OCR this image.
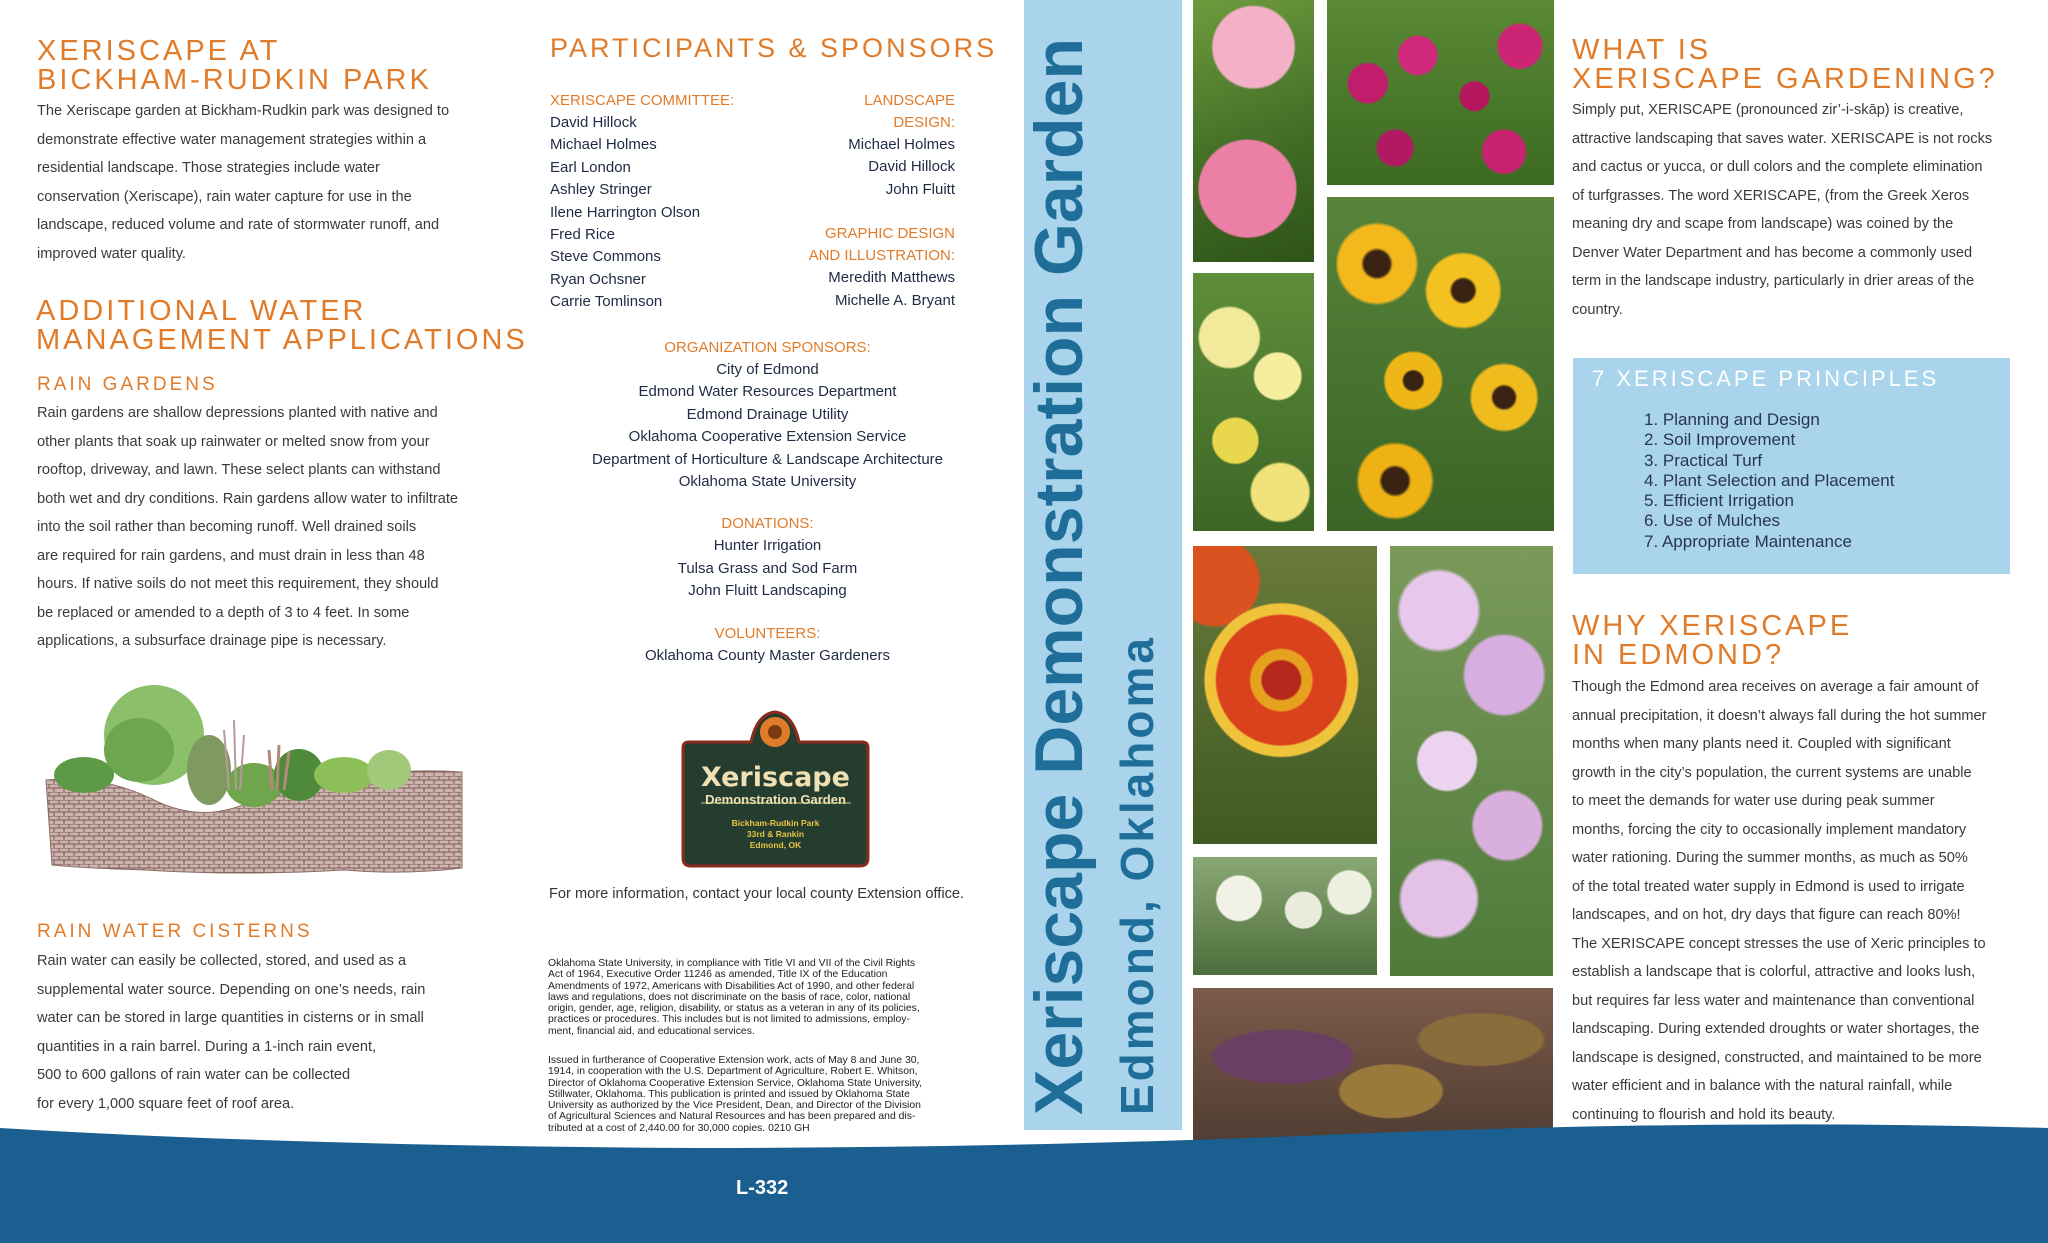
XERISCAPE AT
BICKHAM-RUDKIN PARK
The Xeriscape garden at Bickham-Rudkin park was designed to
demonstrate effective water management strategies within a
residential landscape. Those strategies include water
conservation (Xeriscape), rain water capture for use in the
landscape, reduced volume and rate of stormwater runoff, and
improved water quality.
ADDITIONAL WATER
MANAGEMENT APPLICATIONS
RAIN GARDENS
Rain gardens are shallow depressions planted with native and
other plants that soak up rainwater or melted snow from your
rooftop, driveway, and lawn. These select plants can withstand
both wet and dry conditions. Rain gardens allow water to infiltrate
into the soil rather than becoming runoff. Well drained soils
are required for rain gardens, and must drain in less than 48
hours. If native soils do not meet this requirement, they should
be replaced or amended to a depth of 3 to 4 feet. In some
applications, a subsurface drainage pipe is necessary.
RAIN WATER CISTERNS
Rain water can easily be collected, stored, and used as a
supplemental water source. Depending on one’s needs, rain
water can be stored in large quantities in cisterns or in small
quantities in a rain barrel. During a 1-inch rain event,
500 to 600 gallons of rain water can be collected
for every 1,000 square feet of roof area.
PARTICIPANTS & SPONSORS
XERISCAPE COMMITTEE:
David Hillock
Michael Holmes
Earl London
Ashley Stringer
Ilene Harrington Olson
Fred Rice
Steve Commons
Ryan Ochsner
Carrie Tomlinson
LANDSCAPE
DESIGN:
Michael Holmes
David Hillock
John Fluitt
GRAPHIC DESIGN
AND ILLUSTRATION:
Meredith Matthews
Michelle A. Bryant
ORGANIZATION SPONSORS:
City of Edmond
Edmond Water Resources Department
Edmond Drainage Utility
Oklahoma Cooperative Extension Service
Department of Horticulture & Landscape Architecture
Oklahoma State University
DONATIONS:
Hunter Irrigation
Tulsa Grass and Sod Farm
John Fluitt Landscaping
VOLUNTEERS:
Oklahoma County Master Gardeners
Xeriscape
Demonstration Garden
Bickham-Rudkin Park
33rd & Rankin
Edmond, OK
For more information, contact your local county Extension office.
Oklahoma State University, in compliance with Title VI and VII of the Civil Rights
Act of 1964, Executive Order 11246 as amended, Title IX of the Education
Amendments of 1972, Americans with Disabilities Act of 1990, and other federal
laws and regulations, does not discriminate on the basis of race, color, national
origin, gender, age, religion, disability, or status as a veteran in any of its policies,
practices or procedures. This includes but is not limited to admissions, employ-
ment, financial aid, and educational services.
Issued in furtherance of Cooperative Extension work, acts of May 8 and June 30,
1914, in cooperation with the U.S. Department of Agriculture, Robert E. Whitson,
Director of Oklahoma Cooperative Extension Service, Oklahoma State University,
Stillwater, Oklahoma. This publication is printed and issued by Oklahoma State
University as authorized by the Vice President, Dean, and Director of the Division
of Agricultural Sciences and Natural Resources and has been prepared and dis-
tributed at a cost of 2,440.00 for 30,000 copies. 0210 GH
Xeriscape Demonstration Garden Edmond, Oklahoma
WHAT IS
XERISCAPE GARDENING?
Simply put, XERISCAPE (pronounced zir’-i-skāp) is creative,
attractive landscaping that saves water. XERISCAPE is not rocks
and cactus or yucca, or dull colors and the complete elimination
of turfgrasses. The word XERISCAPE, (from the Greek Xeros
meaning dry and scape from landscape) was coined by the
Denver Water Department and has become a commonly used
term in the landscape industry, particularly in drier areas of the
country.
7 XERISCAPE PRINCIPLES
1. Planning and Design
2. Soil Improvement
3. Practical Turf
4. Plant Selection and Placement
5. Efficient Irrigation
6. Use of Mulches
7. Appropriate Maintenance
WHY XERISCAPE
IN EDMOND?
Though the Edmond area receives on average a fair amount of
annual precipitation, it doesn’t always fall during the hot summer
months when many plants need it. Coupled with significant
growth in the city’s population, the current systems are unable
to meet the demands for water use during peak summer
months, forcing the city to occasionally implement mandatory
water rationing. During the summer months, as much as 50%
of the total treated water supply in Edmond is used to irrigate
landscapes, and on hot, dry days that figure can reach 80%!
The XERISCAPE concept stresses the use of Xeric principles to
establish a landscape that is colorful, attractive and looks lush,
but requires far less water and maintenance than conventional
landscaping. During extended droughts or water shortages, the
landscape is designed, constructed, and maintained to be more
water efficient and in balance with the natural rainfall, while
continuing to flourish and hold its beauty.
L-332
